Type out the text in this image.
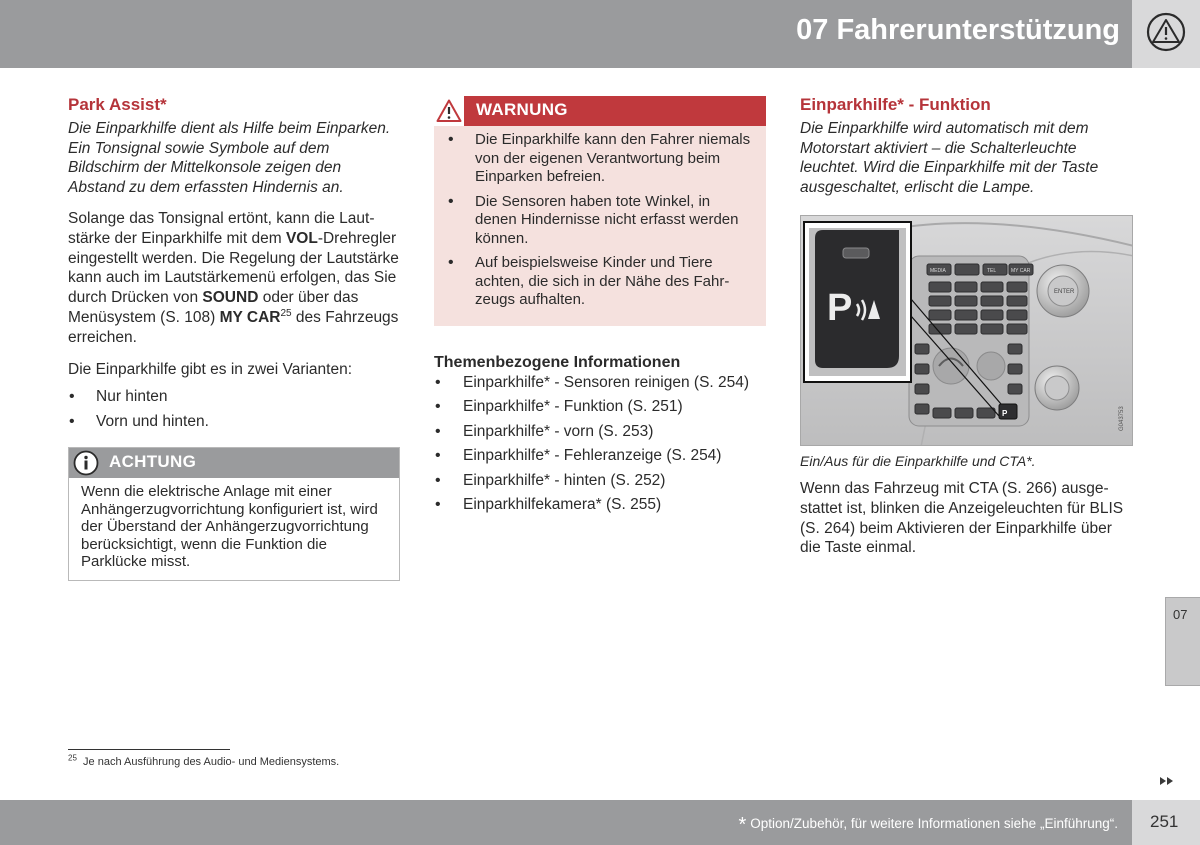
07 Fahrerunterstützung
Park Assist*
Die Einparkhilfe dient als Hilfe beim Einparken. Ein Tonsignal sowie Symbole auf dem Bildschirm der Mittelkonsole zeigen den Abstand zu dem erfassten Hindernis an.

Solange das Tonsignal ertönt, kann die Lautstärke der Einparkhilfe mit dem VOL-Drehregler eingestellt werden. Die Regelung der Lautstärke kann auch im Lautstärkemenü erfolgen, das Sie durch Drücken von SOUND oder über das Menüsystem (S. 108) MY CAR$^{25}$ des Fahrzeugs erreichen.

Die Einparkhilfe gibt es in zwei Varianten:

• Nur hinten
• Vorn und hinten.
ACHTUNG
Wenn die elektrische Anlage mit einer Anhängerzugvorrichtung konfiguriert ist, wird der Überstand der Anhängerzugvorrichtung berücksichtigt, wenn die Funktion die Parklücke misst.
WARNUNG
• Die Einparkhilfe kann den Fahrer niemals von der eigenen Verantwortung beim Einparken befreien.
• Die Sensoren haben tote Winkel, in denen Hindernisse nicht erfasst werden können.
• Auf beispielsweise Kinder und Tiere achten, die sich in der Nähe des Fahrzeugs aufhalten.
Themenbezogene Informationen
• Einparkhilfe* - Sensoren reinigen (S. 254)
• Einparkhilfe* - Funktion (S. 251)
• Einparkhilfe* - vorn (S. 253)
• Einparkhilfe* - Fehleranzeige (S. 254)
• Einparkhilfe* - hinten (S. 252)
• Einparkhilfekamera* (S. 255)
Einparkhilfe* - Funktion
Die Einparkhilfe wird automatisch mit dem Motorstart aktiviert – die Schalterleuchte leuchtet. Wird die Einparkhilfe mit der Taste ausgeschaltet, erlischt die Lampe.
MEDIA	TEL	MY CAR
P
ENTER
P
G043753
Ein/Aus für die Einparkhilfe und CTA*.

Wenn das Fahrzeug mit CTA (S. 266) ausgestattet ist, blinken die Anzeigeleuchten für BLIS (S. 264) beim Aktivieren der Einparkhilfe über die Taste einmal.

07
$^{25}$ Je nach Ausführung des Audio- und Mediensystems.
* Option/Zubehör, für weitere Informationen siehe „Einführung“. 251
